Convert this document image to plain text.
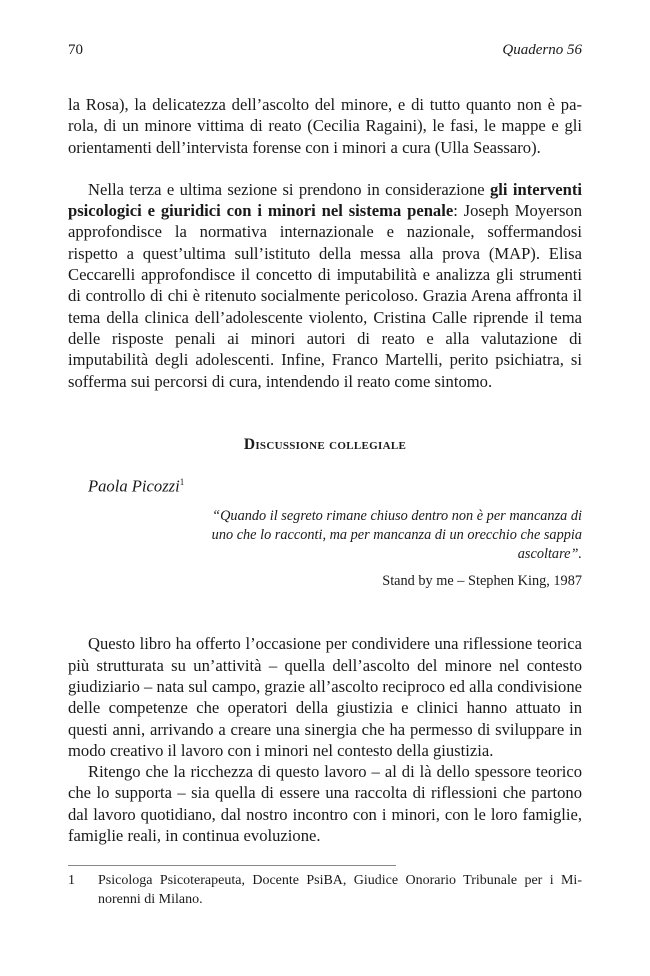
70	Quaderno 56

la Rosa), la delicatezza dell’ascolto del minore, e di tutto quanto non è parola, di un minore vittima di reato (Cecilia Ragaini), le fasi, le mappe e gli orientamenti dell’intervista forense con i minori a cura (Ulla Seassaro).

Nella terza e ultima sezione si prendono in considerazione gli interventi psicologici e giuridici con i minori nel sistema penale: Joseph Moyerson approfondisce la normativa internazionale e nazionale, soffermandosi rispetto a quest’ultima sull’istituto della messa alla prova (MAP). Elisa Ceccarelli approfondisce il concetto di imputabilità e analizza gli strumenti di controllo di chi è ritenuto socialmente pericoloso. Grazia Arena affronta il tema della clinica dell’adolescente violento, Cristina Calle riprende il tema delle risposte penali ai minori autori di reato e alla valutazione di imputabilità degli adolescenti. Infine, Franco Martelli, perito psichiatra, si sofferma sui percorsi di cura, intendendo il reato come sintomo.

Discussione collegiale
Paola Picozzi$^1$
“Quando il segreto rimane chiuso dentro non è per mancanza di uno che lo racconti, ma per mancanza di un orecchio che sappia ascoltare”.
Stand by me – Stephen King, 1987

Questo libro ha offerto l’occasione per condividere una riflessione teorica più strutturata su un’attività – quella dell’ascolto del minore nel contesto giudiziario – nata sul campo, grazie all’ascolto reciproco ed alla condivisione delle competenze che operatori della giustizia e clinici hanno attuato in questi anni, arrivando a creare una sinergia che ha permesso di sviluppare in modo creativo il lavoro con i minori nel contesto della giustizia.

Ritengo che la ricchezza di questo lavoro – al di là dello spessore teorico che lo supporta – sia quella di essere una raccolta di riflessioni che partono dal lavoro quotidiano, dal nostro incontro con i minori, con le loro famiglie, famiglie reali, in continua evoluzione.

1	Psicologa Psicoterapeuta, Docente PsiBA, Giudice Onorario Tribunale per i Minorenni di Milano.
